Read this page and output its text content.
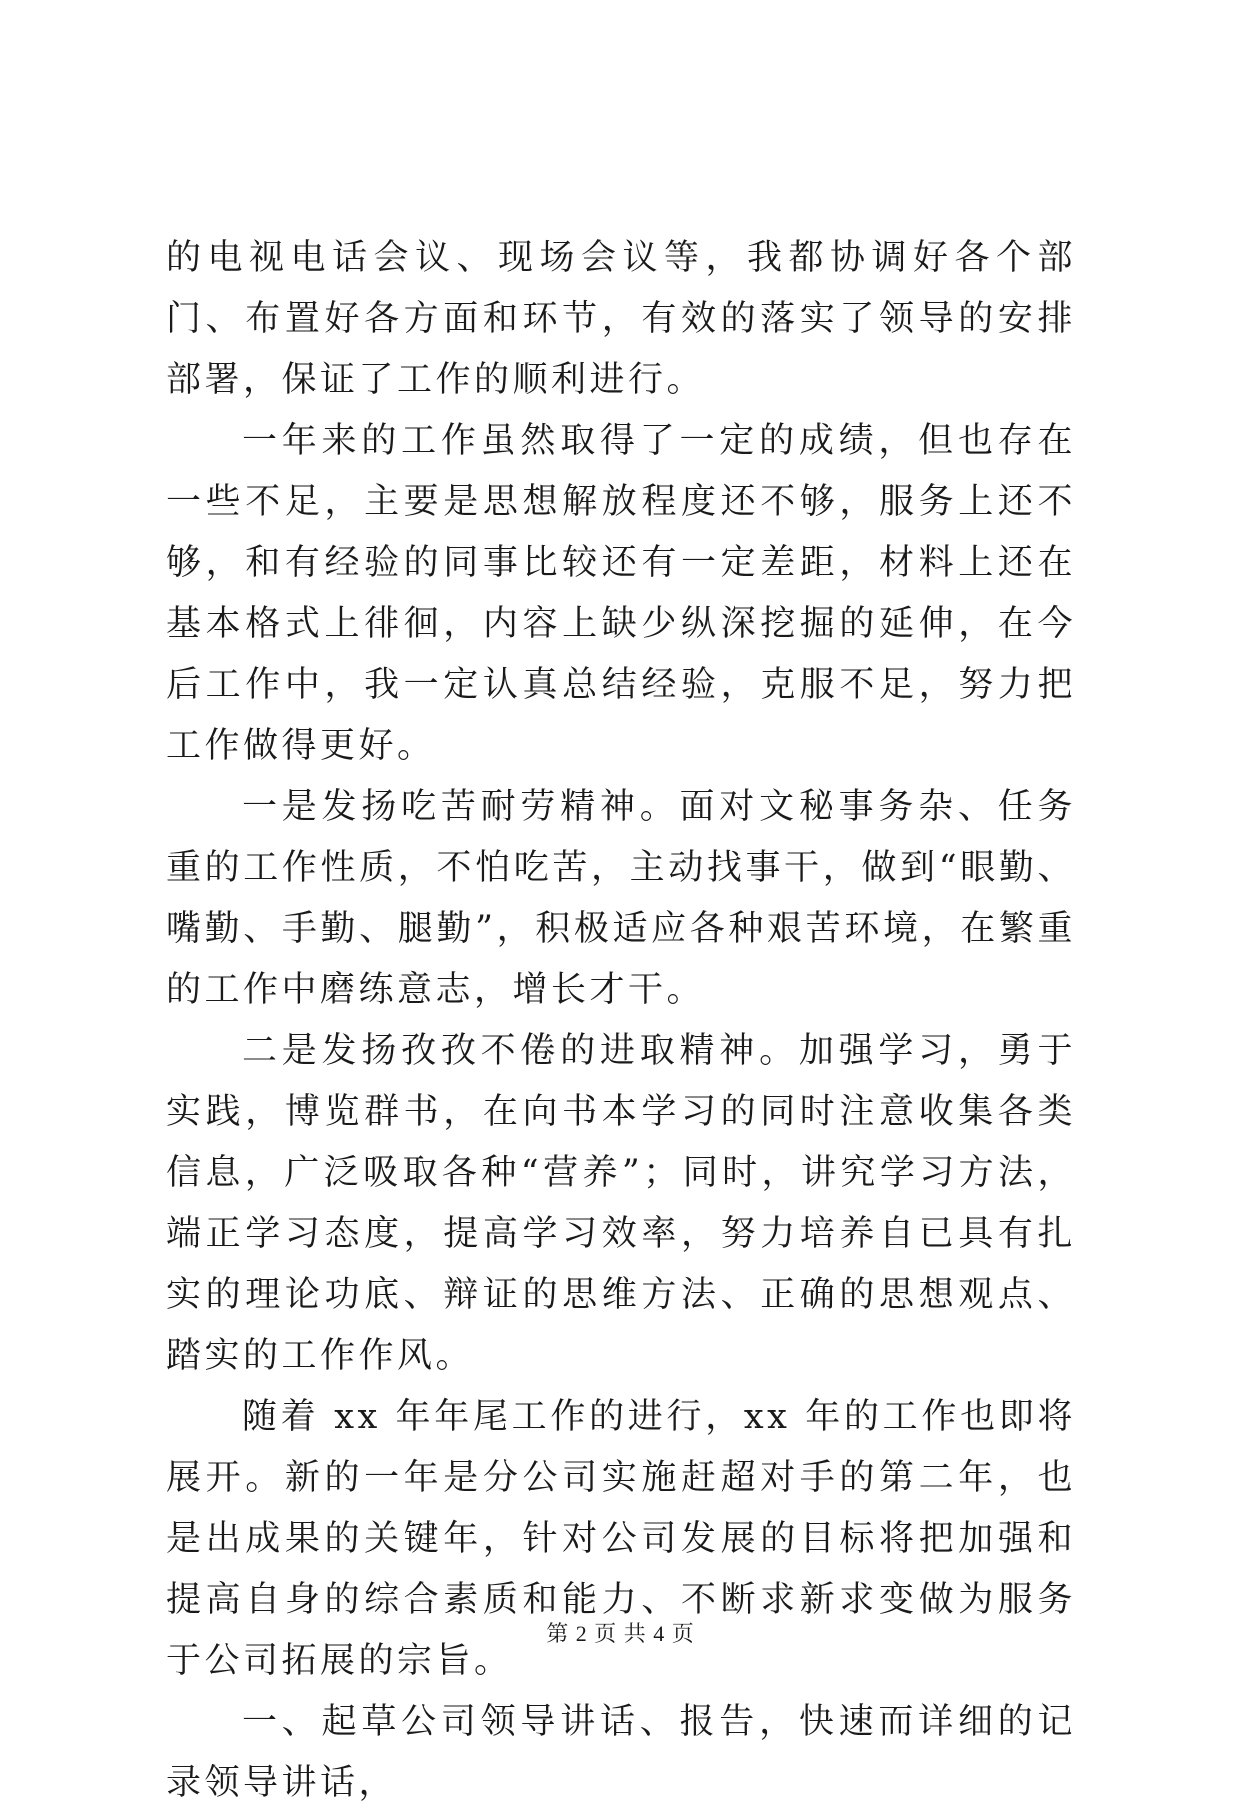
的电视电话会议、现场会议等，我都协调好各个部门、布置好各方面和环节，有效的落实了领导的安排部署，保证了工作的顺利进行。

一年来的工作虽然取得了一定的成绩，但也存在一些不足，主要是思想解放程度还不够，服务上还不够，和有经验的同事比较还有一定差距，材料上还在基本格式上徘徊，内容上缺少纵深挖掘的延伸，在今后工作中，我一定认真总结经验，克服不足，努力把工作做得更好。

一是发扬吃苦耐劳精神。面对文秘事务杂、任务重的工作性质，不怕吃苦，主动找事干，做到“眼勤、嘴勤、手勤、腿勤”，积极适应各种艰苦环境，在繁重的工作中磨练意志，增长才干。

二是发扬孜孜不倦的进取精神。加强学习，勇于实践，博览群书，在向书本学习的同时注意收集各类信息，广泛吸取各种“营养”；同时，讲究学习方法，端正学习态度，提高学习效率，努力培养自已具有扎实的理论功底、辩证的思维方法、正确的思想观点、踏实的工作作风。

随着 xx 年年尾工作的进行，xx 年的工作也即将展开。新的一年是分公司实施赶超对手的第二年，也是出成果的关键年，针对公司发展的目标将把加强和提高自身的综合素质和能力、不断求新求变做为服务于公司拓展的宗旨。

一、起草公司领导讲话、报告，快速而详细的记录领导讲话，

第 2 页 共 4 页
